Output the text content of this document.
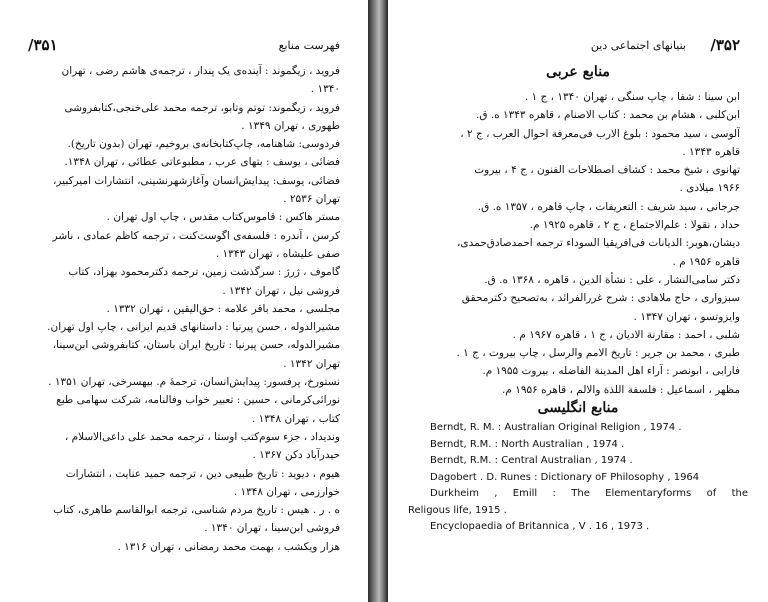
۳۵۱/	فهرست منابع
فروید ، زیگموند : آینده‌ی یک پندار ، ترجمه‌ی هاشم رضی ، تهران
۱۳۴۰ .
فروید ، زیگموند: توتم وتابو، ترجمه محمد علی‌خنجی،کتابفروشی
طهوری ، تهران ۱۳۴۹ .
فردوسی: شاهنامه، چاپ‌کتابخانه‌ی بروخیم، تهران (بدون تاریخ).
فضائی ، یوسف : بتهای عرب ، مطبوعاتی عطائی ، تهران ۱۳۴۸.
فضائی، یوسف: پیدایش‌انسان وآغازشهرنشینی، انتشارات امیرکبیر،
تهران ۲۵۳۶ .
مستر هاکس : قاموس‌کتاب مقدس ، چاپ اول تهران .
کرسن ، آندره : فلسفه‌ی اگوست‌کنت ، ترجمه کاظم عمادی ، ناشر
صفی علیشاه ، تهران ۱۳۴۳ .
گاموف ، ژرژ : سرگذشت زمین، ترجمه دکترمحمود بهزاد، کتاب
فروشی نیل ، تهران ۱۳۴۲ .
مجلسی ، محمد باقر علامه : حق‌الیقین ، تهران ۱۳۳۲ .
مشیرالدوله ، حسن پیرنیا : داستانهای قدیم ایرانی ، چاپ اول تهران.
مشیرالدوله، حسن پیرنیا : تاریخ ایران باستان، کتابفروشی ابن‌سینا،
تهران ۱۳۴۲ .
نستورخ، پرفسور: پیدایش‌انسان، ترجمهٔ م. بیهسرخی، تهران ۱۳۵۱ .
نورائی‌کرمانی ، حسین : تعبیر خواب وفالنامه، شرکت سهامی طبع
کتاب ، تهران ۱۳۴۸ .
وندیداد ، جزء سوم‌کتب اوستا ، ترجمه محمد علی داعی‌الاسلام ،
حیدرآباد دکن ۱۳۶۷ .
هیوم ، دیوید : تاریخ طبیعی دین ، ترجمه حمید عنایت ، انتشارات
خوارزمی ، تهران ۱۳۴۸ .
ه . ر . هیس : تاریخ مردم شناسی، ترجمه ابوالقاسم طاهری، کتاب
فروشی ابن‌سینا ، تهران ۱۳۴۰ .
هزار ویکشب ، بهمت محمد رمضانی ، تهران ۱۳۱۶ .
۳۵۲/
بنیانهای اجتماعی دین
منابع عربی
ابن سینا : شفا ، چاپ سنگی ، تهران ۱۳۴۰ ، ج ۱ .
ابن‌کلبی ، هشام بن محمد : کتاب الاصنام ، قاهره ۱۳۴۳ ه. ق.
آلوسی ، سید محمود : بلوغ الارب فی‌معرفة احوال العرب ، ج ۲ ،
قاهره ۱۳۴۳ .
تهانوی ، شیخ محمد : کشاف اصطلاحات الفنون ، ج ۴ ، بیروت
۱۹۶۶ میلادی .
جرجانی ، سید شریف : التعریفات ، چاپ قاهره ، ۱۳۵۷ ه. ق.
حداد ، نقولا : علم‌الاجتماع ، ج ۲ ، قاهره ۱۹۲۵ م.
دیشان،هوبر: الدیانات فی‌افریقیا السوداء ترجمه احمدصادق‌حمدی،
قاهره ۱۹۵۶ م .
دکتر سامی‌النشار ، علی : نشأة الدین ، قاهره ، ۱۳۶۸ ه. ق.
سبزواری ، حاج ملاهادی : شرح غررالفرائد ، به‌تصحیح دکترمحقق
وایزوتسو ، تهران ۱۳۴۷ .
شلبی ، احمد : مقارنة الادیان ، ج ۱ ، قاهره ۱۹۶۷ م .
طبری ، محمد بن جریر : تاریخ الامم والرسل ، چاپ بیروت ، ج ۱ .
فارابی ، ابونصر : آراء اهل المدینة الفاضله ، بیروت ۱۹۵۵ م.
مظهر ، اسماعیل : فلسفة اللذة والالم ، قاهره ۱۹۵۶ م.
منابع انگلیسی
Berndt, R. M. : Australian Original Religion , 1974 .
Berndt, R.M. : North Australian , 1974 .
Berndt, R.M. : Central Australian , 1974 .
Dagobert . D. Runes : Dictionary oF Philosophy , 1964
Durkheim , Emill : The Elementaryforms of the
Religous life, 1915 .
Encyclopaedia of Britannica , V . 16 , 1973 .
